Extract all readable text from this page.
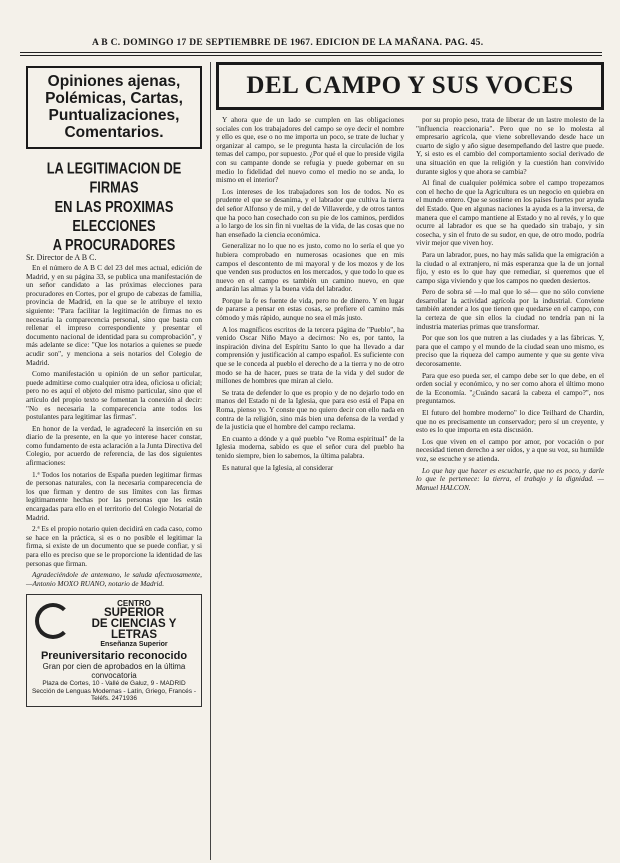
A B C. DOMINGO 17 DE SEPTIEMBRE DE 1967. EDICION DE LA MAÑANA. PAG. 45.
Opiniones ajenas,
Polémicas, Cartas,
Puntualizaciones,
Comentarios.
LA LEGITIMACION DE FIRMAS
EN LAS PROXIMAS ELECCIONES
A PROCURADORES
Sr. Director de A B C.

En el número de A B C del 23 del mes actual, edición de Madrid, y en su página 33, se publica una manifestación de un señor candidato a las próximas elecciones para procuradores en Cortes, por el grupo de cabezas de familia, provincia de Madrid, en la que se le atribuye el texto siguiente: "Para facilitar la legitimación de firmas no es necesaria la comparecencia personal, sino que basta con rellenar el impreso correspondiente y presentar el documento nacional de identidad para su comprobación", y más adelante se dice: "Que los notarios a quienes se puede acudir son", y menciona a seis notarios del Colegio de Madrid.

Como manifestación u opinión de un señor particular, puede admitirse como cualquier otra idea, oficiosa u oficial; pero no es aquí el objeto del mismo particular, sino que el artículo del propio texto se fomentan la conexión al decir: "No es necesaria la comparecencia ante todos los postulantes para legitimar las firmas".

En honor de la verdad, le agradeceré la inserción en su diario de la presente, en la que yo interese hacer constar, como fundamento de esta aclaración a la Junta Directiva del Colegio, por acuerdo de referencia, de las dos siguientes afirmaciones:

1.ª Todos los notarios de España pueden legitimar firmas de personas naturales, con la necesaria comparecencia de los que firman y dentro de sus límites con las firmas legítimamente hechas por las personas que les están encargadas para ello en el territorio del Colegio Notarial de Madrid.

2.ª Es el propio notario quien decidirá en cada caso, como se hace en la práctica, si es o no posible el legitimar la firma, si existe de un documento que se puede confiar, y si para ello es preciso que se le proporcione la identidad de las personas que firman.

Agradeciéndole de antemano, le saluda afectuosamente, —Antonio MOXO RUANO, notario de Madrid.

CENTRO
SUPERIOR
DE CIENCIAS Y LETRAS
Enseñanza Superior
Preuniversitario reconocido
Gran por cien de aprobados en la última convocatoria
Plaza de Cortes, 10 - Vallé de Galuz, 9 - MADRID
Sección de Lenguas Modernas - Latín, Griego, Francés - Teléfs. 2471936
DEL CAMPO Y SUS VOCES

Y ahora que de un lado se cumplen en las obligaciones sociales con los trabajadores del campo se oye decir el nombre y ello es que, ese o no me importa un poco, se trate de luchar y organizar al campo, se le pregunta hasta la circulación de los temas del campo, por supuesto. ¿Por qué el que lo preside vigila con su campante donde se refugia y puede gobernar en su medio lo fidelidad del nuevo como el medio no se anda, lo mismo en el interior?

Los intereses de los trabajadores son los de todos. No es prudente el que se desanima, y el labrador que cultiva la tierra del señor Alfonso y de mil, y del de Villaverde, y de otros tantos que ha poco han cosechado con su pie de los caminos, perdidos a lo largo de los sin fin ni vueltas de la vida, de las cosas que no han enseñado la ciencia económica.

Generalizar no lo que no es justo, como no lo sería el que yo hubiera comprobado en numerosas ocasiones que en mis campos el descontento de mi mayoral y de los mozos y de los que venden sus productos en los mercados, y que todo lo que es nuevo en el campo es también un camino nuevo, en que andarán las almas y la buena vida del labrador.

Porque la fe es fuente de vida, pero no de dinero. Y en lugar de pararse a pensar en estas cosas, se prefiere el camino más cómodo y más rápido, aunque no sea el más justo.

A los magníficos escritos de la tercera página de "Pueblo", ha venido Oscar Niño Mayo a decirnos: No es, por tanto, la inspiración divina del Espíritu Santo lo que ha llevado a dar comprensión y justificación al campo español. Es suficiente con que se le conceda al pueblo el derecho de a la tierra y no de otro modo se ha de hacer, pues se trata de la vida y del sudor de millones de hombres que miran al cielo.

Se trata de defender lo que es propio y de no dejarlo todo en manos del Estado ni de la Iglesia, que para eso está el Papa en Roma, pienso yo. Y conste que no quiero decir con ello nada en contra de la religión, sino más bien una defensa de la verdad y de la justicia que el hombre del campo reclama.

En cuanto a dónde y a qué pueblo "ve Roma espiritual" de la Iglesia moderna, sabido es que el señor cura del pueblo ha tenido siempre, bien lo sabemos, la última palabra.

Es natural que la Iglesia, al considerar

por su propio peso, trata de liberar de un lastre molesto de la "influencia reaccionaria". Pero que no se lo molesta al empresario agrícola, que viene sobrellevando desde hace un cuarto de siglo y año sigue desempeñando del lastre que puede. Y, si esto es el cambio del comportamiento social derivado de una situación en que la religión y la cuestión han convivido durante siglos y que ahora se cambia?

Al final de cualquier polémica sobre el campo tropezamos con el hecho de que la Agricultura es un negocio en quiebra en el mundo entero. Que se sostiene en los países fuertes por ayuda del Estado. Que en algunas naciones la ayuda es a la inversa, de manera que el campo mantiene al Estado y no al revés, y lo que ocurre al labrador es que se ha quedado sin trabajo, y sin cosecha, y sin el fruto de su sudor, en que, de otro modo, podría vivir mejor que viven hoy.

Para un labrador, pues, no hay más salida que la emigración a la ciudad o al extranjero, ni más esperanza que la de un jornal fijo, y esto es lo que hay que remediar, si queremos que el campo siga viviendo y que los campos no queden desiertos.

Pero de sobra sé —lo mal que lo sé— que no sólo conviene desarrollar la actividad agrícola por la industrial. Conviene también atender a los que tienen que quedarse en el campo, con la certeza de que sin ellos la ciudad no tendría pan ni la industria materias primas que transformar.

Por que son los que nutren a las ciudades y a las fábricas. Y, para que el campo y el mundo de la ciudad sean uno mismo, es preciso que la riqueza del campo aumente y que su gente viva decorosamente.

Para que eso pueda ser, el campo debe ser lo que debe, en el orden social y económico, y no ser como ahora el último mono de la Economía. "¿Cuándo sacará la cabeza el campo?", nos preguntamos.

El futuro del hombre moderno" lo dice Teilhard de Chardin, que no es precisamente un conservador; pero sí un creyente, y esto es lo que importa en esta discusión.

Los que viven en el campo por amor, por vocación o por necesidad tienen derecho a ser oídos, y a que su voz, su humilde voz, se escuche y se atienda.

Lo que hay que hacer es escucharle, que no es poco, y darle lo que le pertenece: la tierra, el trabajo y la dignidad. —Manuel HALCON.
